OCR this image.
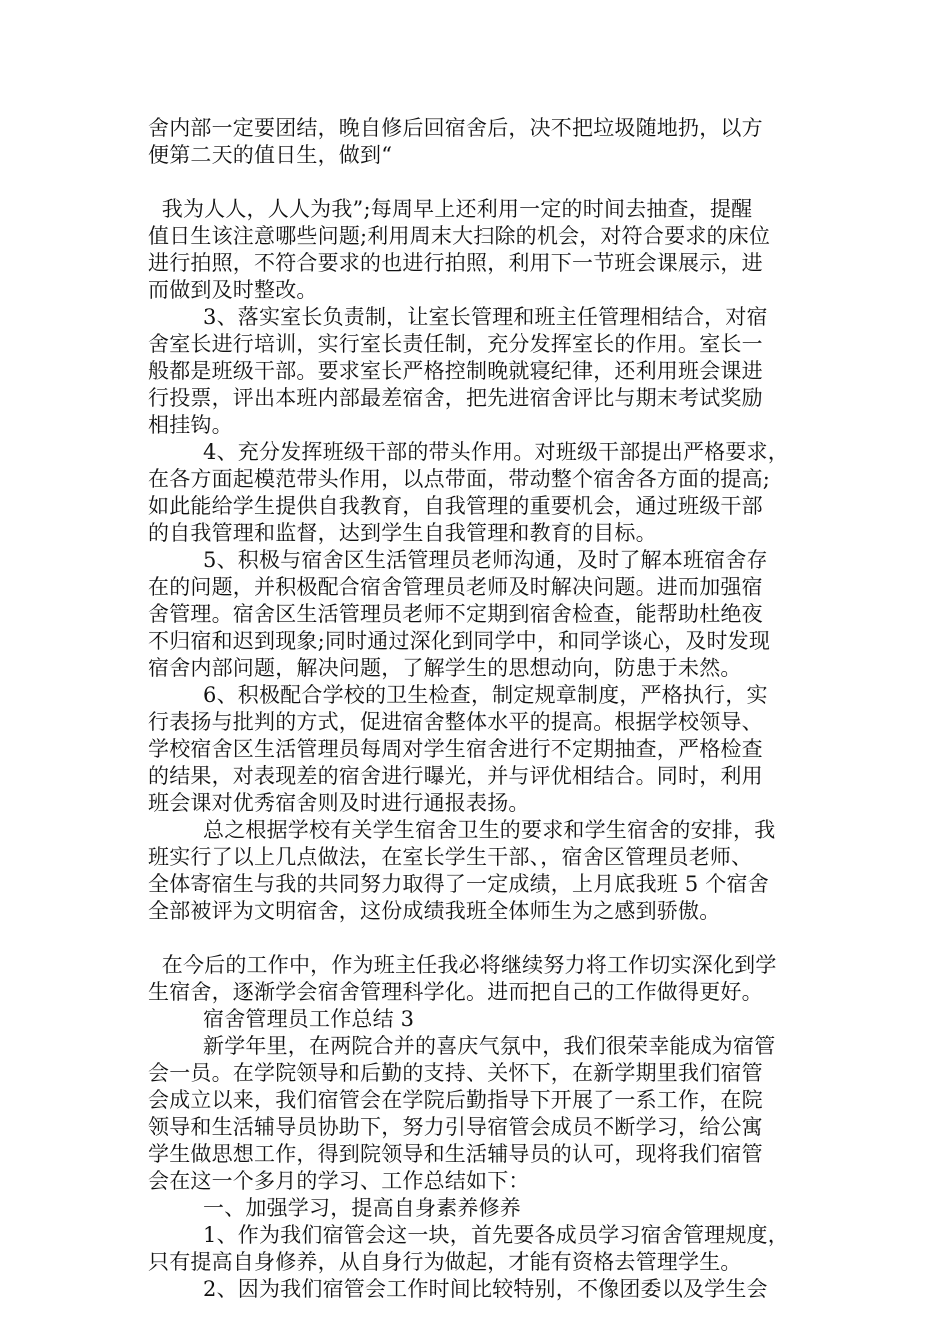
舍内部一定要团结，晚自修后回宿舍后，决不把垃圾随地扔，以方
便第二天的值日生，做到“
我为人人，人人为我”;每周早上还利用一定的时间去抽查，提醒
值日生该注意哪些问题;利用周末大扫除的机会，对符合要求的床位
进行拍照，不符合要求的也进行拍照，利用下一节班会课展示，进
而做到及时整改。
3、落实室长负责制，让室长管理和班主任管理相结合，对宿
舍室长进行培训，实行室长责任制，充分发挥室长的作用。室长一
般都是班级干部。要求室长严格控制晚就寝纪律，还利用班会课进
行投票，评出本班内部最差宿舍，把先进宿舍评比与期末考试奖励
相挂钩。
4、充分发挥班级干部的带头作用。对班级干部提出严格要求，
在各方面起模范带头作用，以点带面，带动整个宿舍各方面的提高;
如此能给学生提供自我教育，自我管理的重要机会，通过班级干部
的自我管理和监督，达到学生自我管理和教育的目标。
5、积极与宿舍区生活管理员老师沟通，及时了解本班宿舍存
在的问题，并积极配合宿舍管理员老师及时解决问题。进而加强宿
舍管理。宿舍区生活管理员老师不定期到宿舍检查，能帮助杜绝夜
不归宿和迟到现象;同时通过深化到同学中，和同学谈心，及时发现
宿舍内部问题，解决问题，了解学生的思想动向，防患于未然。
6、积极配合学校的卫生检查，制定规章制度，严格执行，实
行表扬与批判的方式，促进宿舍整体水平的提高。根据学校领导、
学校宿舍区生活管理员每周对学生宿舍进行不定期抽查，严格检查
的结果，对表现差的宿舍进行曝光，并与评优相结合。同时，利用
班会课对优秀宿舍则及时进行通报表扬。
总之根据学校有关学生宿舍卫生的要求和学生宿舍的安排，我
班实行了以上几点做法，在室长学生干部、，宿舍区管理员老师、
全体寄宿生与我的共同努力取得了一定成绩，上月底我班 5 个宿舍
全部被评为文明宿舍，这份成绩我班全体师生为之感到骄傲。
在今后的工作中，作为班主任我必将继续努力将工作切实深化到学
生宿舍，逐渐学会宿舍管理科学化。进而把自己的工作做得更好。
宿舍管理员工作总结 3
新学年里，在两院合并的喜庆气氛中，我们很荣幸能成为宿管
会一员。在学院领导和后勤的支持、关怀下，在新学期里我们宿管
会成立以来，我们宿管会在学院后勤指导下开展了一系工作，在院
领导和生活辅导员协助下，努力引导宿管会成员不断学习，给公寓
学生做思想工作，得到院领导和生活辅导员的认可，现将我们宿管
会在这一个多月的学习、工作总结如下：
一、加强学习，提高自身素养修养
1、作为我们宿管会这一块，首先要各成员学习宿舍管理规度，
只有提高自身修养，从自身行为做起，才能有资格去管理学生。
2、因为我们宿管会工作时间比较特别，不像团委以及学生会
